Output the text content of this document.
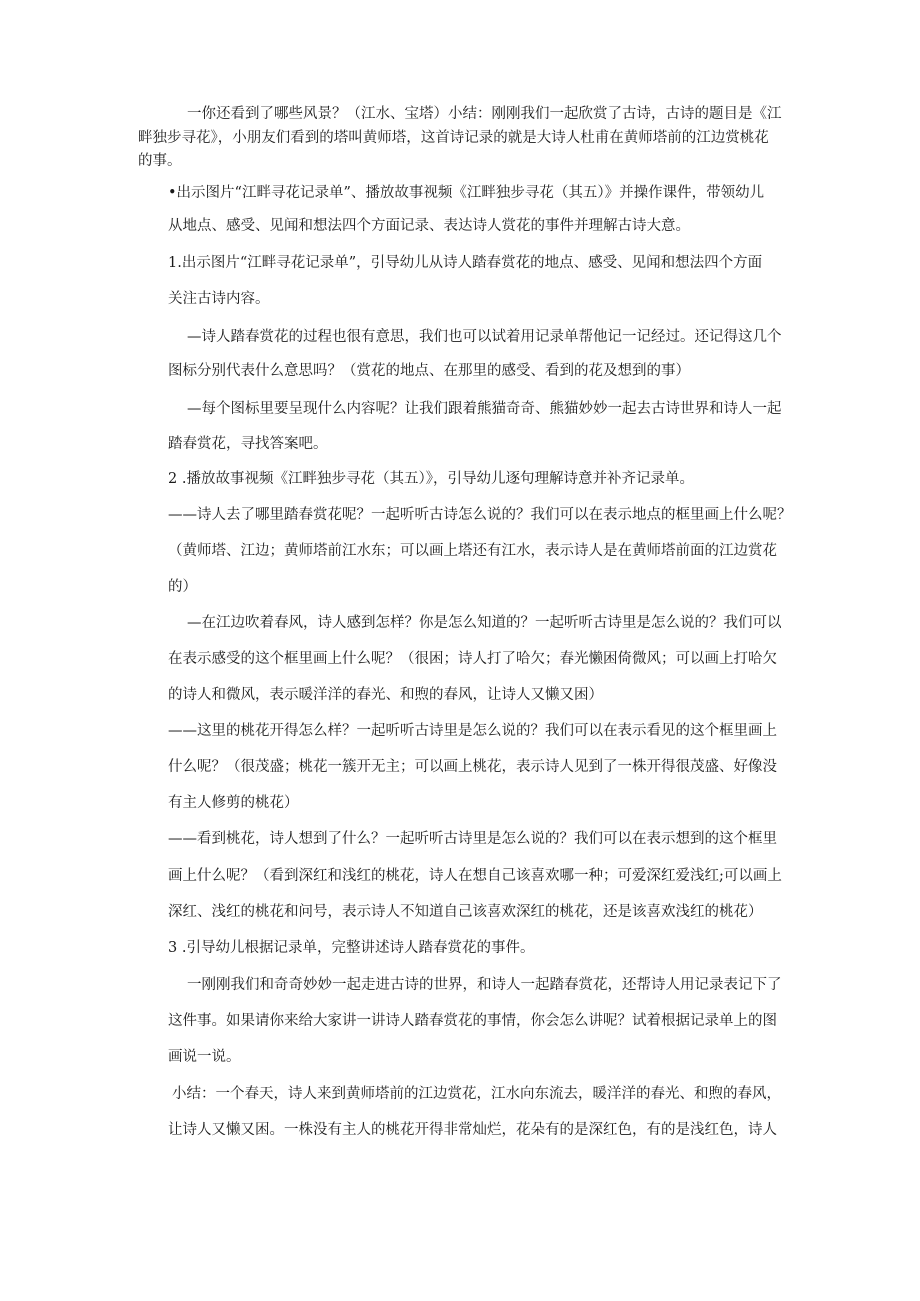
一你还看到了哪些风景？（江水、宝塔）小结：刚刚我们一起欣赏了古诗，古诗的题目是《江
畔独步寻花》，小朋友们看到的塔叫黄师塔，这首诗记录的就是大诗人杜甫在黄师塔前的江边赏桃花
的事。
•出示图片“江畔寻花记录单”、播放故事视频《江畔独步寻花（其五）》并操作课件，带领幼儿
从地点、感受、见闻和想法四个方面记录、表达诗人赏花的事件并理解古诗大意。
1.出示图片“江畔寻花记录单”，引导幼儿从诗人踏春赏花的地点、感受、见闻和想法四个方面
关注古诗内容。
—诗人踏春赏花的过程也很有意思，我们也可以试着用记录单帮他记一记经过。还记得这几个
图标分别代表什么意思吗？（赏花的地点、在那里的感受、看到的花及想到的事）
—每个图标里要呈现什么内容呢？让我们跟着熊猫奇奇、熊猫妙妙一起去古诗世界和诗人一起
踏春赏花，寻找答案吧。
2 .播放故事视频《江畔独步寻花（其五）》，引导幼儿逐句理解诗意并补齐记录单。
——诗人去了哪里踏春赏花呢？一起听听古诗怎么说的？我们可以在表示地点的框里画上什么呢？
（黄师塔、江边；黄师塔前江水东；可以画上塔还有江水，表示诗人是在黄师塔前面的江边赏花
的）
—在江边吹着春风，诗人感到怎样？你是怎么知道的？一起听听古诗里是怎么说的？我们可以
在表示感受的这个框里画上什么呢？（很困；诗人打了哈欠；春光懒困倚微风；可以画上打哈欠
的诗人和微风，表示暖洋洋的春光、和煦的春风，让诗人又懒又困）
——这里的桃花开得怎么样？一起听听古诗里是怎么说的？我们可以在表示看见的这个框里画上
什么呢？（很茂盛；桃花一簇开无主；可以画上桃花，表示诗人见到了一株开得很茂盛、好像没
有主人修剪的桃花）
——看到桃花，诗人想到了什么？一起听听古诗里是怎么说的？我们可以在表示想到的这个框里
画上什么呢？（看到深红和浅红的桃花，诗人在想自己该喜欢哪一种；可爱深红爱浅红;可以画上
深红、浅红的桃花和问号，表示诗人不知道自己该喜欢深红的桃花，还是该喜欢浅红的桃花）
3 .引导幼儿根据记录单，完整讲述诗人踏春赏花的事件。
一刚刚我们和奇奇妙妙一起走进古诗的世界，和诗人一起踏春赏花，还帮诗人用记录表记下了
这件事。如果请你来给大家讲一讲诗人踏春赏花的事情，你会怎么讲呢？试着根据记录单上的图
画说一说。
小结：一个春天，诗人来到黄师塔前的江边赏花，江水向东流去，暖洋洋的春光、和煦的春风，
让诗人又懒又困。一株没有主人的桃花开得非常灿烂，花朵有的是深红色，有的是浅红色，诗人
